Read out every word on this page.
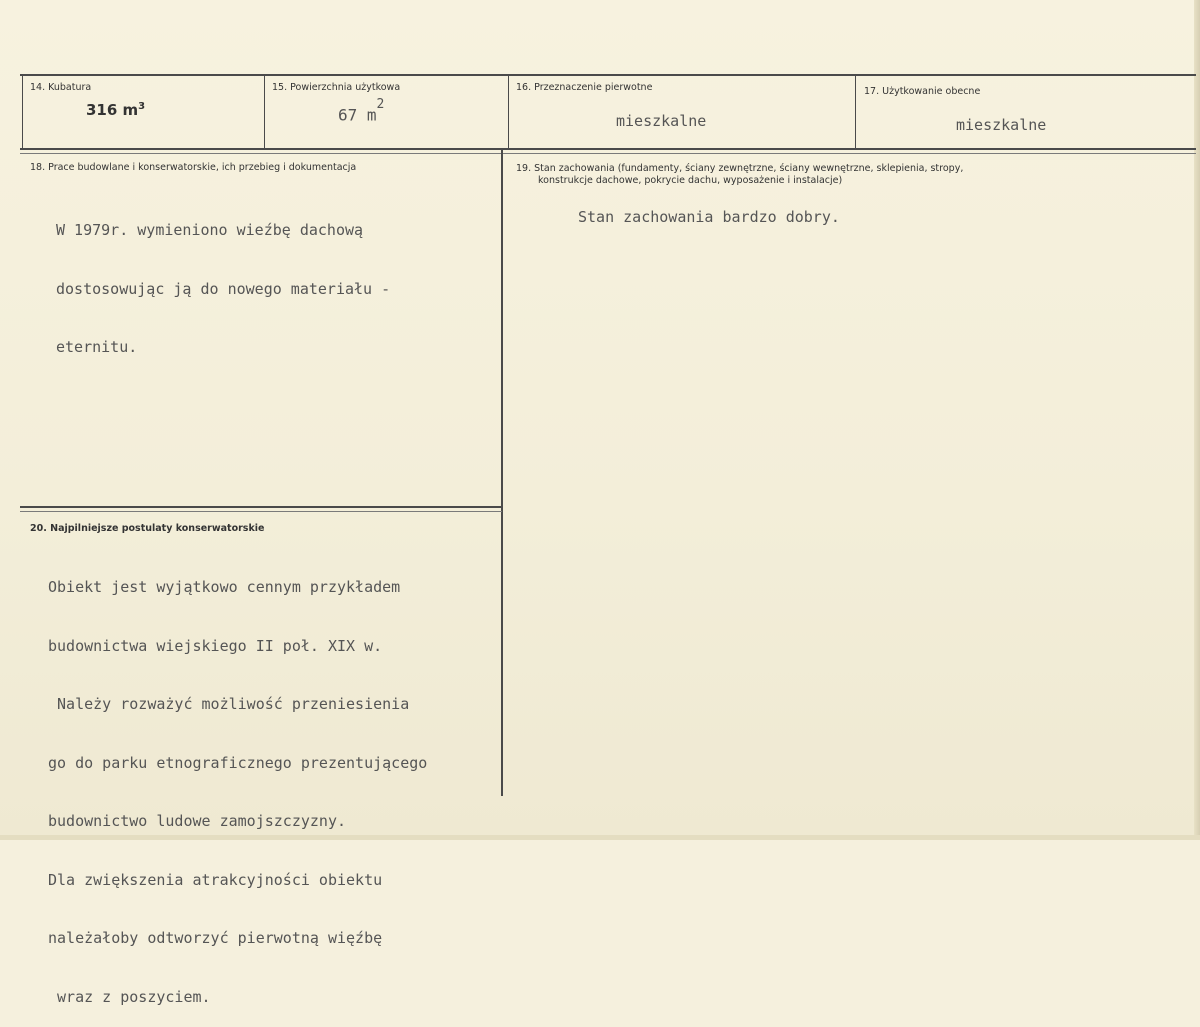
14. Kubatura
316 $m^3$
15. Powierzchnia użytkowa
67 $m^2$
16. Przeznaczenie pierwotne
mieszkalne
17. Użytkowanie obecne
mieszkalne
18. Prace budowlane i konserwatorskie, ich przebieg i dokumentacja

W 1979r. wymieniono wieźbę dachową

dostosowując ją do nowego materiału -

eternitu.

19. Stan zachowania (fundamenty, ściany zewnętrzne, ściany wewnętrzne, sklepienia, stropy,
konstrukcje dachowe, pokrycie dachu, wyposażenie i instalacje)
Stan zachowania bardzo dobry.
20. Najpilniejsze postulaty konserwatorskie

Obiekt jest wyjątkowo cennym przykładem

budownictwa wiejskiego II poł. XIX w.

Należy rozważyć możliwość przeniesienia

go do parku etnograficznego prezentującego

budownictwo ludowe zamojszczyzny.

Dla zwiększenia atrakcyjności obiektu

należałoby odtworzyć pierwotną więźbę

wraz z poszyciem.
